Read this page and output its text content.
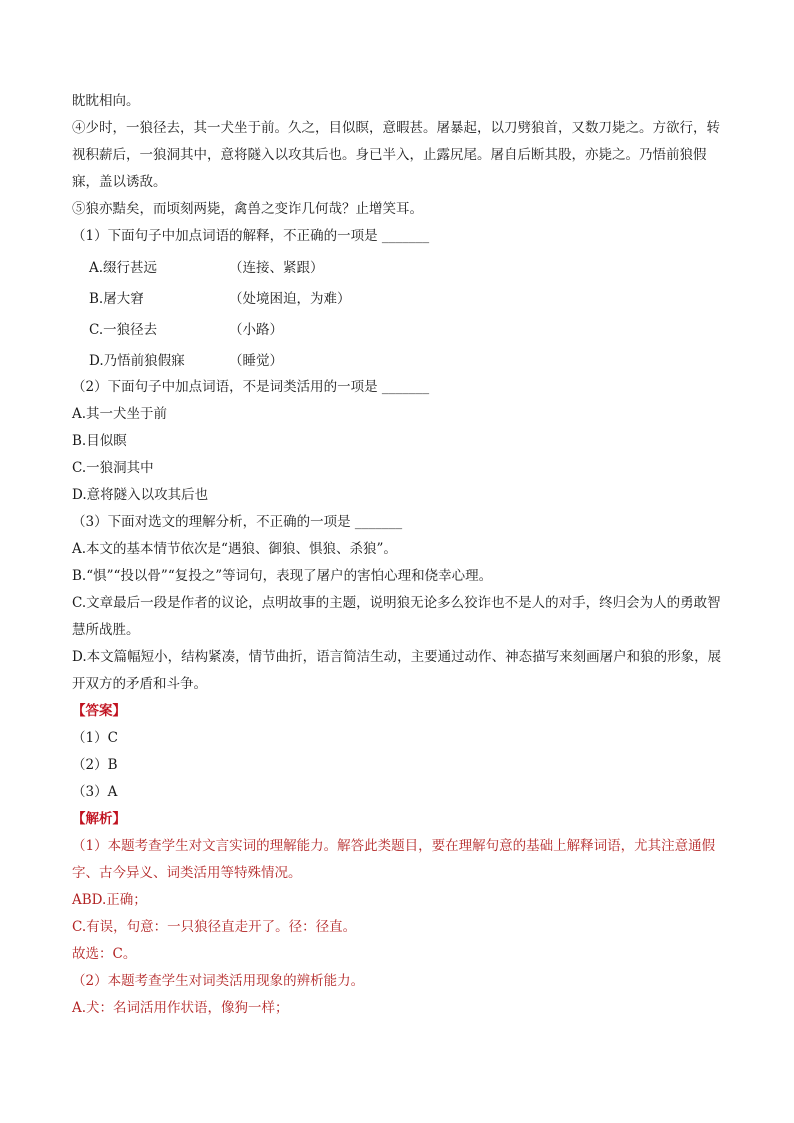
眈眈相向。
④少时，一狼径去，其一犬坐于前。久之，目似瞑，意暇甚。屠暴起，以刀劈狼首，又数刀毙之。方欲行，转视积薪后，一狼洞其中，意将隧入以攻其后也。身已半入，止露尻尾。屠自后断其股，亦毙之。乃悟前狼假寐，盖以诱敌。
⑤狼亦黠矣，而顷刻两毙，禽兽之变诈几何哉？止增笑耳。
（1）下面句子中加点词语的解释，不正确的一项是 _______
A.缀行甚远	（连接、紧跟）
B.屠大窘	（处境困迫，为难）
C.一狼径去	（小路）
D.乃悟前狼假寐	（睡觉）
（2）下面句子中加点词语，不是词类活用的一项是 _______
A.其一犬坐于前
B.目似瞑
C.一狼洞其中
D.意将隧入以攻其后也
（3）下面对选文的理解分析，不正确的一项是 _______
A.本文的基本情节依次是“遇狼、御狼、惧狼、杀狼”。
B.“惧”“投以骨”“复投之”等词句，表现了屠户的害怕心理和侥幸心理。
C.文章最后一段是作者的议论，点明故事的主题，说明狼无论多么狡诈也不是人的对手，终归会为人的勇敢智慧所战胜。
D.本文篇幅短小，结构紧凑，情节曲折，语言简洁生动，主要通过动作、神态描写来刻画屠户和狼的形象，展开双方的矛盾和斗争。
【答案】
（1）C
（2）B
（3）A
【解析】
（1）本题考查学生对文言实词的理解能力。解答此类题目，要在理解句意的基础上解释词语，尤其注意通假字、古今异义、词类活用等特殊情况。
ABD.正确；
C.有误，句意：一只狼径直走开了。径：径直。
故选：C。
（2）本题考查学生对词类活用现象的辨析能力。
A.犬：名词活用作状语，像狗一样；
